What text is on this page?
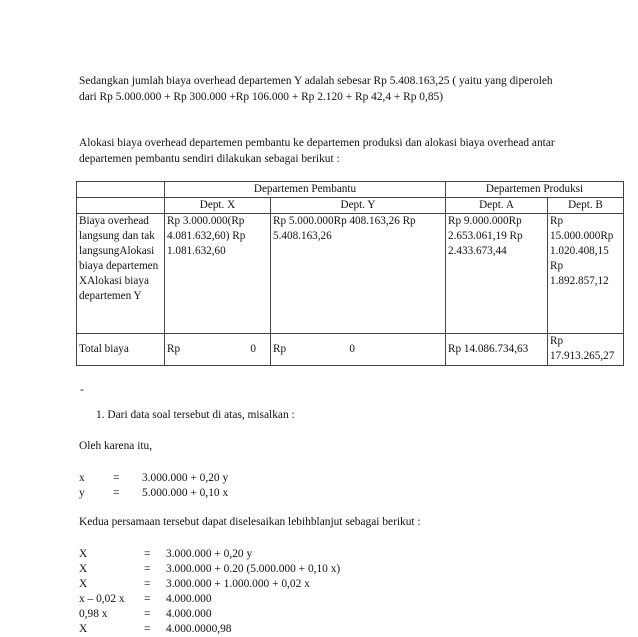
Sedangkan jumlah biaya overhead departemen Y adalah sebesar Rp 5.408.163,25 ( yaitu yang diperoleh dari Rp 5.000.000 + Rp 300.000 +Rp 106.000 + Rp 2.120 + Rp 42,4 + Rp 0,85)

Alokasi biaya overhead departemen pembantu ke departemen produksi dan alokasi biaya overhead antar departemen pembantu sendiri dilakukan sebagai berikut :

	Departemen Pembantu		Departemen Produksi	
	Dept. X	Dept. Y	Dept. A	Dept. B
Biaya overhead langsung dan tak langsungAlokasi biaya departemen XAlokasi biaya departemen Y	Rp 3.000.000(Rp 4.081.632,60) Rp 1.081.632,60	Rp 5.000.000Rp 408.163,26 Rp 5.408.163,26	Rp 9.000.000Rp 2.653.061,19 Rp 2.433.673,44	Rp 15.000.000Rp 1.020.408,15 Rp 1.892.857,12
Total biaya	Rp 0	Rp 0	Rp 14.086.734,63	Rp 17.913.265,27
-
1. Dari data soal tersebut di atas, misalkan :
Oleh karena itu,
x = 3.000.000 + 0,20 y
y = 5.000.000 + 0,10 x
Kedua persamaan tersebut dapat diselesaikan lebihblanjut sebagai berikut :
X	= 3.000.000 + 0,20 y
X	= 3.000.000 + 0.20 (5.000.000 + 0,10 x)
X	= 3.000.000 + 1.000.000 + 0,02 x
x – 0,02 x = 4.000.000
0,98 x	= 4.000.000
X	= 4.000.0000,98
